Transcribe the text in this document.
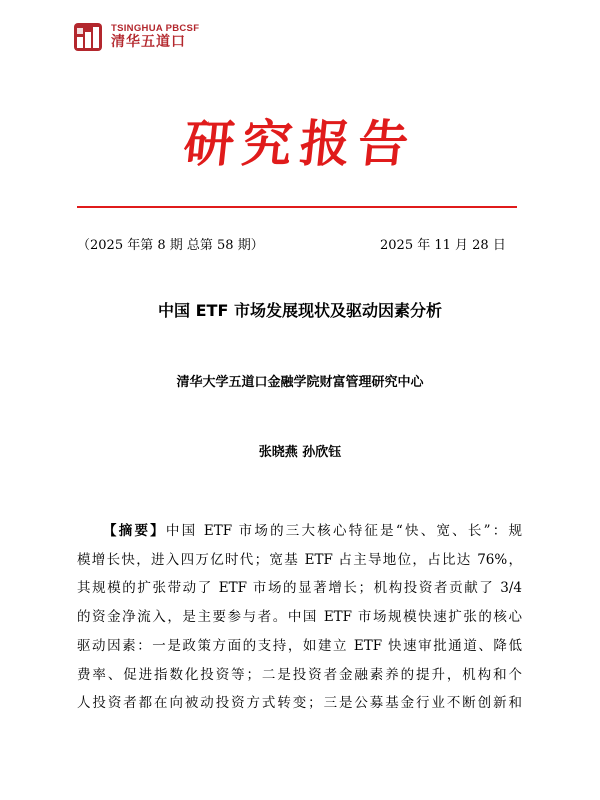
TSINGHUA PBCSF
清华五道口
研究报告
（2025 年第 8 期 总第 58 期）	2025 年 11 月 28 日
中国 ETF 市场发展现状及驱动因素分析
清华大学五道口金融学院财富管理研究中心
张晓燕 孙欣钰
【摘要】中国 ETF 市场的三大核心特征是“快、宽、长”：规
模增长快，进入四万亿时代；宽基 ETF 占主导地位，占比达 76%，
其规模的扩张带动了 ETF 市场的显著增长；机构投资者贡献了 3/4
的资金净流入，是主要参与者。中国 ETF 市场规模快速扩张的核心
驱动因素：一是政策方面的支持，如建立 ETF 快速审批通道、降低
费率、促进指数化投资等；二是投资者金融素养的提升，机构和个
人投资者都在向被动投资方式转变；三是公募基金行业不断创新和
